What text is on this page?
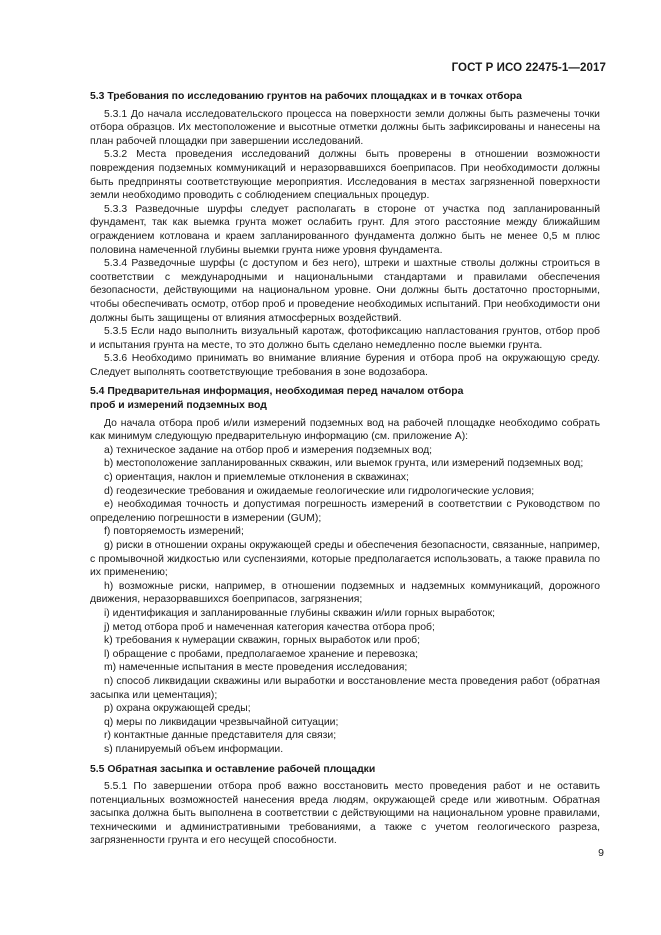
ГОСТ Р ИСО 22475-1—2017
5.3 Требования по исследованию грунтов на рабочих площадках и в точках отбора

5.3.1 До начала исследовательского процесса на поверхности земли должны быть размечены точки отбора образцов. Их местоположение и высотные отметки должны быть зафиксированы и нанесены на план рабочей площадки при завершении исследований.

5.3.2 Места проведения исследований должны быть проверены в отношении возможности повреждения подземных коммуникаций и неразорвавшихся боеприпасов. При необходимости должны быть предприняты соответствующие мероприятия. Исследования в местах загрязненной поверхности земли необходимо проводить с соблюдением специальных процедур.

5.3.3 Разведочные шурфы следует располагать в стороне от участка под запланированный фундамент, так как выемка грунта может ослабить грунт. Для этого расстояние между ближайшим ограждением котлована и краем запланированного фундамента должно быть не менее 0,5 м плюс половина намеченной глубины выемки грунта ниже уровня фундамента.

5.3.4 Разведочные шурфы (с доступом и без него), штреки и шахтные стволы должны строиться в соответствии с международными и национальными стандартами и правилами обеспечения безопасности, действующими на национальном уровне. Они должны быть достаточно просторными, чтобы обеспечивать осмотр, отбор проб и проведение необходимых испытаний. При необходимости они должны быть защищены от влияния атмосферных воздействий.

5.3.5 Если надо выполнить визуальный каротаж, фотофиксацию напластования грунтов, отбор проб и испытания грунта на месте, то это должно быть сделано немедленно после выемки грунта.

5.3.6 Необходимо принимать во внимание влияние бурения и отбора проб на окружающую среду. Следует выполнять соответствующие требования в зоне водозабора.

5.4 Предварительная информация, необходимая перед началом отбора проб и измерений подземных вод

До начала отбора проб и/или измерений подземных вод на рабочей площадке необходимо собрать как минимум следующую предварительную информацию (см. приложение А):

a) техническое задание на отбор проб и измерения подземных вод;

b) местоположение запланированных скважин, или выемок грунта, или измерений подземных вод;

c) ориентация, наклон и приемлемые отклонения в скважинах;

d) геодезические требования и ожидаемые геологические или гидрологические условия;

e) необходимая точность и допустимая погрешность измерений в соответствии с Руководством по определению погрешности в измерении (GUM);

f) повторяемость измерений;

g) риски в отношении охраны окружающей среды и обеспечения безопасности, связанные, например, с промывочной жидкостью или суспензиями, которые предполагается использовать, а также правила по их применению;

h) возможные риски, например, в отношении подземных и надземных коммуникаций, дорожного движения, неразорвавшихся боеприпасов, загрязнения;

i) идентификация и запланированные глубины скважин и/или горных выработок;

j) метод отбора проб и намеченная категория качества отбора проб;

k) требования к нумерации скважин, горных выработок или проб;

l) обращение с пробами, предполагаемое хранение и перевозка;

m) намеченные испытания в месте проведения исследования;

n) способ ликвидации скважины или выработки и восстановление места проведения работ (обратная засыпка или цементация);

p) охрана окружающей среды;

q) меры по ликвидации чрезвычайной ситуации;

r) контактные данные представителя для связи;

s) планируемый объем информации.

5.5 Обратная засыпка и оставление рабочей площадки

5.5.1 По завершении отбора проб важно восстановить место проведения работ и не оставить потенциальных возможностей нанесения вреда людям, окружающей среде или животным. Обратная засыпка должна быть выполнена в соответствии с действующими на национальном уровне правилами, техническими и административными требованиями, а также с учетом геологического разреза, загрязненности грунта и его несущей способности.

9
